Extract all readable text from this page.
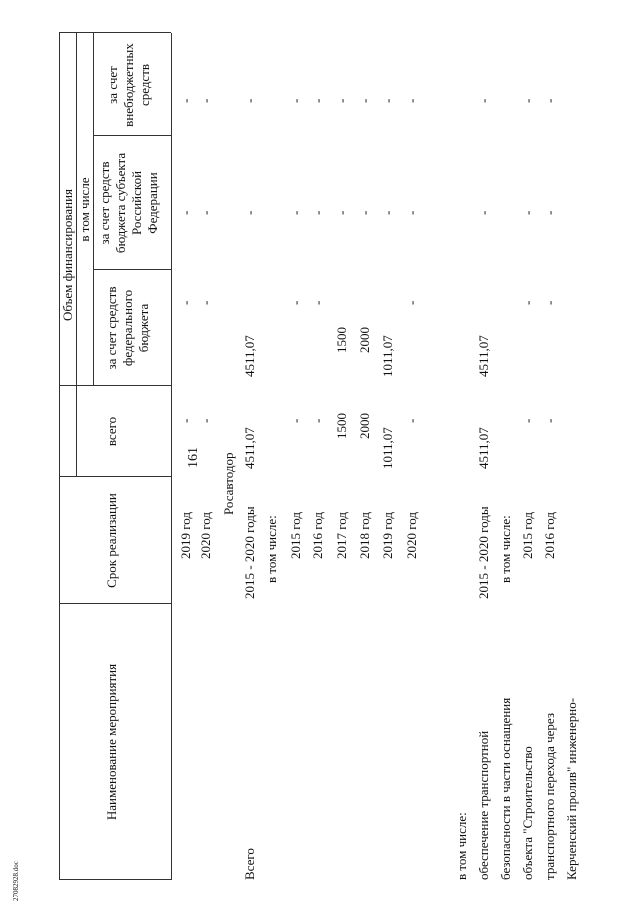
161
27082928.doc
Наименование мероприятия
Срок реализации
Объем финансирования
всего
в том числе
за счет средств федерального бюджета
за счет средств бюджета субъекта Российской Федерации
за счет внебюджетных средств
2019 год
-
-
-
-
2020 год
-
-
-
-
Росавтодор
2015 - 2020 годы
4511,07
4511,07
-
-
в том числе: 2015 год
-
-
-
-
2016 год
-
-
-
-
2017 год
1500
1500
-
-
2018 год
2000
2000
-
-
2019 год
1011,07
1011,07
-
-
2020 год
-
-
-
-
Всего	в том числе: обеспечение транспортной безопасности в части оснащения объекта "Строительство транспортного перехода через Керченский пролив" инженерно-
2015 - 2020 годы
4511,07
4511,07
-
-
в том числе: 2015 год
-
-
-
-
2016 год
-
-
-
-
